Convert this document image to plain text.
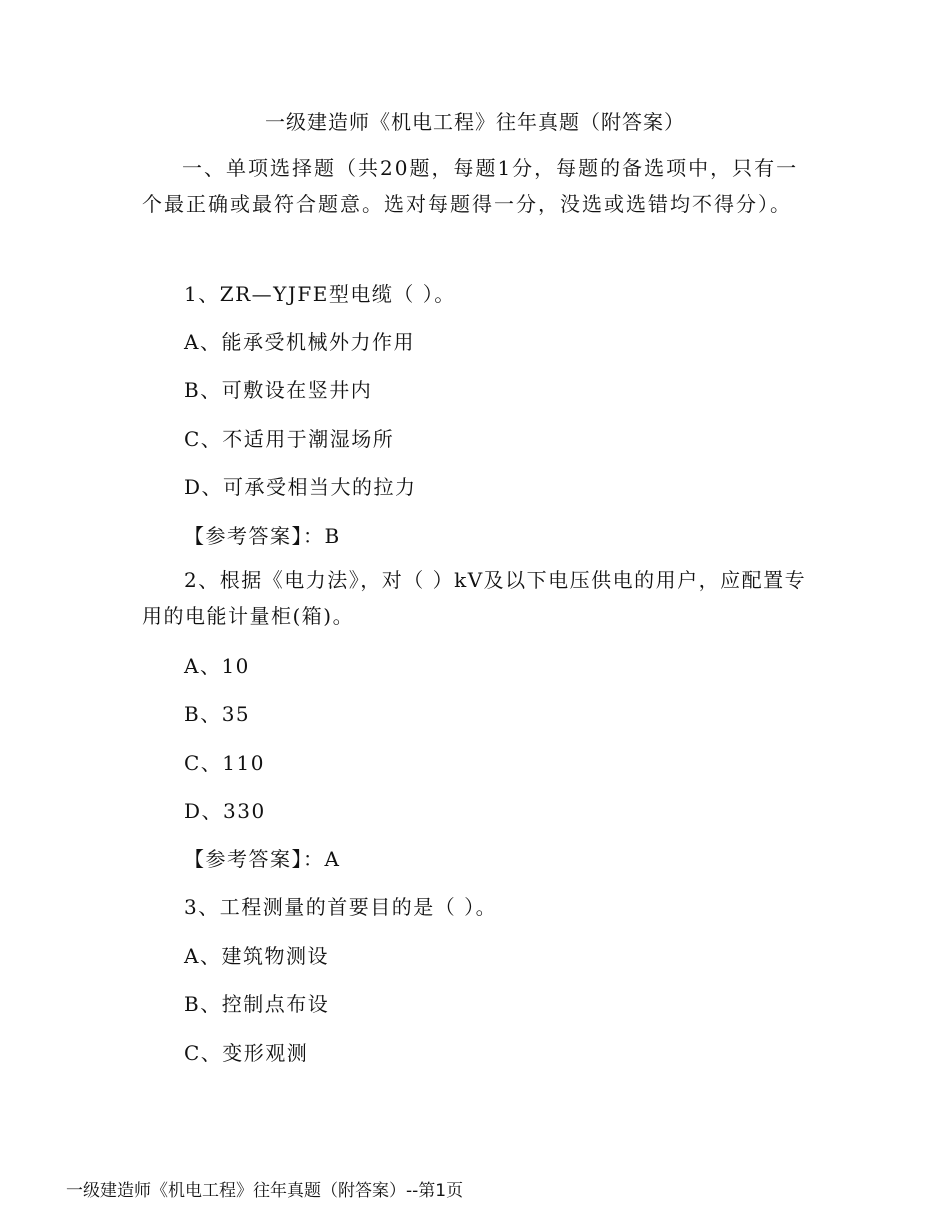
一级建造师《机电工程》往年真题（附答案）
一、单项选择题（共20题，每题1分，每题的备选项中，只有一个最正确或最符合题意。选对每题得一分，没选或选错均不得分）。
1、ZR—YJFE型电缆（ ）。
A、能承受机械外力作用
B、可敷设在竖井内
C、不适用于潮湿场所
D、可承受相当大的拉力
【参考答案】：B
2、根据《电力法》，对（ ）kV及以下电压供电的用户，应配置专用的电能计量柜(箱)。
A、10
B、35
C、110
D、330
【参考答案】：A
3、工程测量的首要目的是（ ）。
A、建筑物测设
B、控制点布设
C、变形观测
一级建造师《机电工程》往年真题（附答案）--第1页
